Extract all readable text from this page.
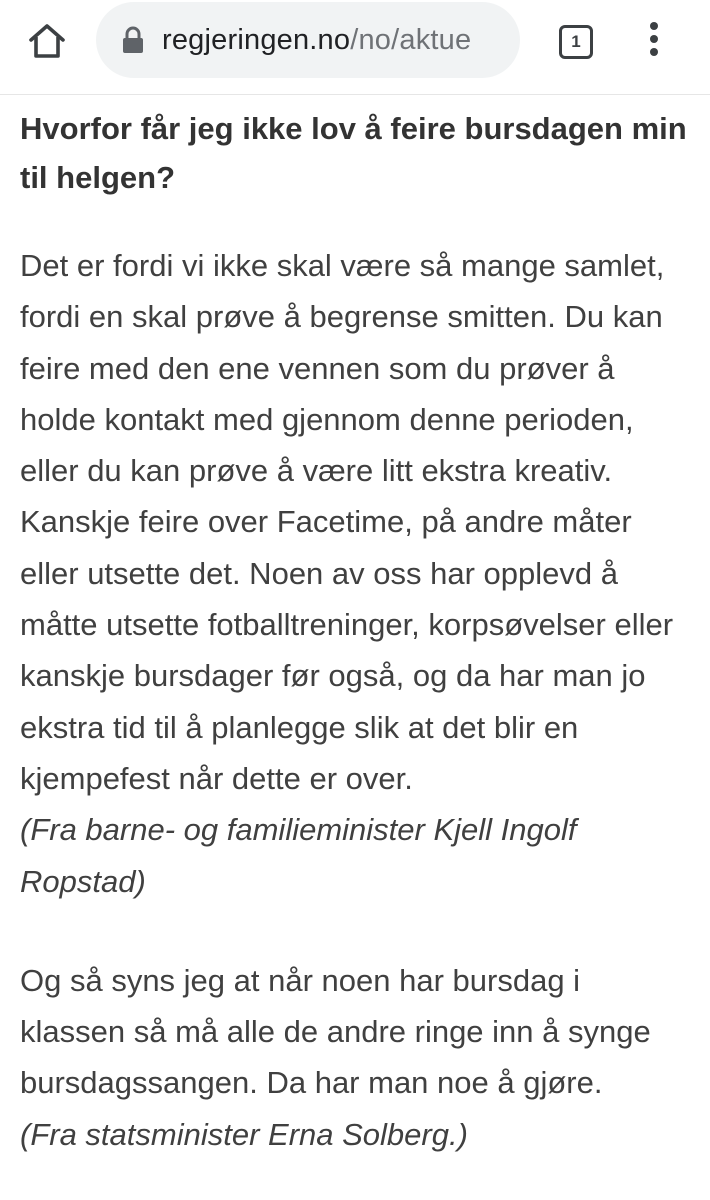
regjeringen.no/no/aktue	1
Hvorfor får jeg ikke lov å feire bursdagen min til helgen?

Det er fordi vi ikke skal være så mange samlet, fordi en skal prøve å begrense smitten. Du kan feire med den ene vennen som du prøver å holde kontakt med gjennom denne perioden, eller du kan prøve å være litt ekstra kreativ. Kanskje feire over Facetime, på andre måter eller utsette det. Noen av oss har opplevd å måtte utsette fotballtreninger, korpsøvelser eller kanskje bursdager før også, og da har man jo ekstra tid til å planlegge slik at det blir en kjempefest når dette er over.
(Fra barne- og familieminister Kjell Ingolf Ropstad)

Og så syns jeg at når noen har bursdag i klassen så må alle de andre ringe inn å synge bursdagssangen. Da har man noe å gjøre.
(Fra statsminister Erna Solberg.)
